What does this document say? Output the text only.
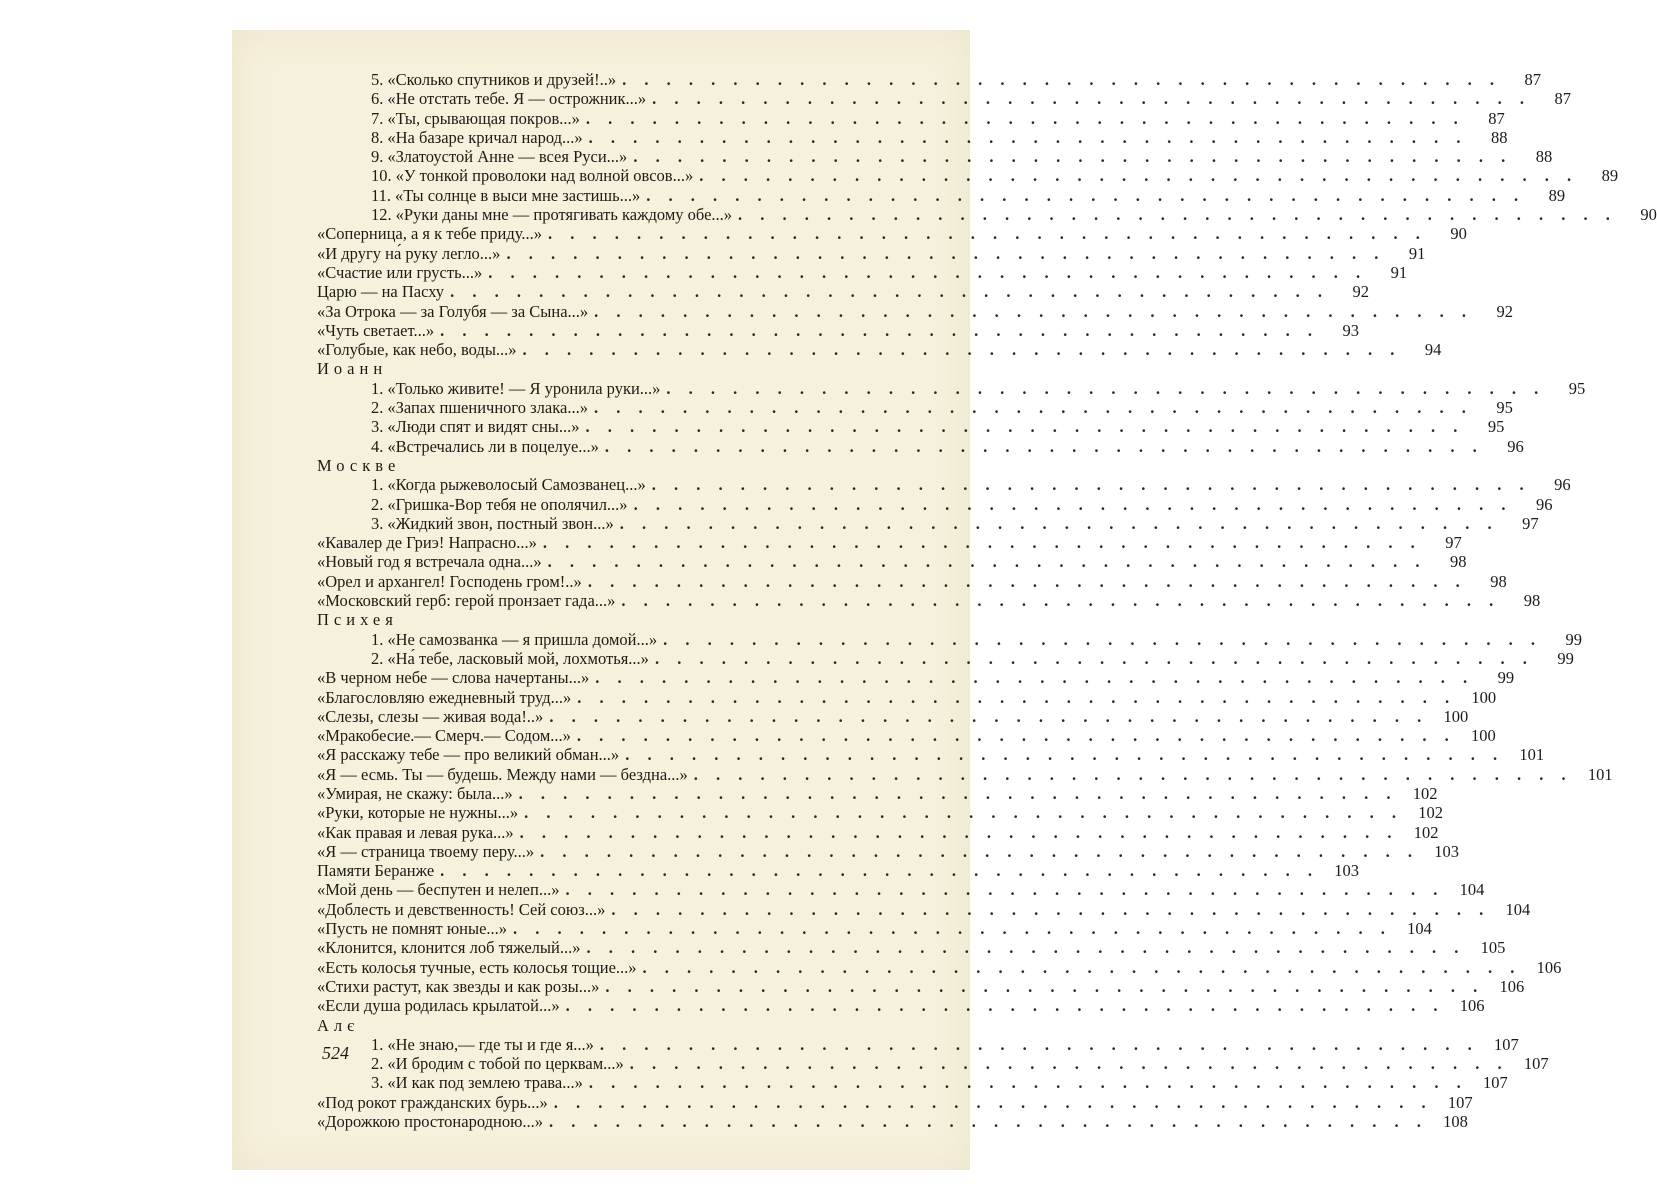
5. «Сколько спутников и друзей!..» . . . . . . . . . . . . . . . . . . . . . . . . . . . . . . . . . . . . . . . .	87
6. «Не отстать тебе. Я — острожник...» . . . . . . . . . . . . . . . . . . . . . . . . . . . . . . . . . . . . . . . .	87
7. «Ты, срывающая покров...» . . . . . . . . . . . . . . . . . . . . . . . . . . . . . . . . . . . . . . . .	87
8. «На базаре кричал народ...» . . . . . . . . . . . . . . . . . . . . . . . . . . . . . . . . . . . . . . . .	88
9. «Златоустой Анне — всея Руси...» . . . . . . . . . . . . . . . . . . . . . . . . . . . . . . . . . . . . . . . .	88
10. «У тонкой проволоки над волной овсов...» . . . . . . . . . . . . . . . . . . . . . . . . . . . . . . . . . . . . . . . .	89
11. «Ты солнце в выси мне застишь...» . . . . . . . . . . . . . . . . . . . . . . . . . . . . . . . . . . . . . . . .	89
12. «Руки даны мне — протягивать каждому обе...» . . . . . . . . . . . . . . . . . . . . . . . . . . . . . . . . . . . . . . . .	90
«Соперница, а я к тебе приду...» . . . . . . . . . . . . . . . . . . . . . . . . . . . . . . . . . . . . . . . .	90
«И другу на́ руку легло...» . . . . . . . . . . . . . . . . . . . . . . . . . . . . . . . . . . . . . . . .	91
«Счастие или грусть...» . . . . . . . . . . . . . . . . . . . . . . . . . . . . . . . . . . . . . . . .	91
Царю — на Пасху . . . . . . . . . . . . . . . . . . . . . . . . . . . . . . . . . . . . . . . .	92
«За Отрока — за Голубя — за Сына...» . . . . . . . . . . . . . . . . . . . . . . . . . . . . . . . . . . . . . . . .	92
«Чуть светает...» . . . . . . . . . . . . . . . . . . . . . . . . . . . . . . . . . . . . . . . .	93
«Голубые, как небо, воды...» . . . . . . . . . . . . . . . . . . . . . . . . . . . . . . . . . . . . . . . .	94
Иоанн
1. «Только живите! — Я уронила руки...» . . . . . . . . . . . . . . . . . . . . . . . . . . . . . . . . . . . . . . . .	95
2. «Запах пшеничного злака...» . . . . . . . . . . . . . . . . . . . . . . . . . . . . . . . . . . . . . . . .	95
3. «Люди спят и видят сны...» . . . . . . . . . . . . . . . . . . . . . . . . . . . . . . . . . . . . . . . .	95
4. «Встречались ли в поцелуе...» . . . . . . . . . . . . . . . . . . . . . . . . . . . . . . . . . . . . . . . .	96
Москве
1. «Когда рыжеволосый Самозванец...» . . . . . . . . . . . . . . . . . . . . . . . . . . . . . . . . . . . . . . . .	96
2. «Гришка-Вор тебя не ополячил...» . . . . . . . . . . . . . . . . . . . . . . . . . . . . . . . . . . . . . . . .	96
3. «Жидкий звон, постный звон...» . . . . . . . . . . . . . . . . . . . . . . . . . . . . . . . . . . . . . . . .	97
«Кавалер де Гриэ! Напрасно...» . . . . . . . . . . . . . . . . . . . . . . . . . . . . . . . . . . . . . . . .	97
«Новый год я встречала одна...» . . . . . . . . . . . . . . . . . . . . . . . . . . . . . . . . . . . . . . . .	98
«Орел и архангел! Господень гром!..» . . . . . . . . . . . . . . . . . . . . . . . . . . . . . . . . . . . . . . . .	98
«Московский герб: герой пронзает гада...» . . . . . . . . . . . . . . . . . . . . . . . . . . . . . . . . . . . . . . . .	98
Психея
1. «Не самозванка — я пришла домой...» . . . . . . . . . . . . . . . . . . . . . . . . . . . . . . . . . . . . . . . .	99
2. «На́ тебе, ласковый мой, лохмотья...» . . . . . . . . . . . . . . . . . . . . . . . . . . . . . . . . . . . . . . . .	99
«В черном небе — слова начертаны...» . . . . . . . . . . . . . . . . . . . . . . . . . . . . . . . . . . . . . . . .	99
«Благословляю ежедневный труд...» . . . . . . . . . . . . . . . . . . . . . . . . . . . . . . . . . . . . . . . . 100
«Слезы, слезы — живая вода!..» . . . . . . . . . . . . . . . . . . . . . . . . . . . . . . . . . . . . . . . . 100
«Мракобесие.— Смерч.— Содом...» . . . . . . . . . . . . . . . . . . . . . . . . . . . . . . . . . . . . . . . . 100
«Я расскажу тебе — про великий обман...» . . . . . . . . . . . . . . . . . . . . . . . . . . . . . . . . . . . . . . . . 101
«Я — есмь. Ты — будешь. Между нами — бездна...» . . . . . . . . . . . . . . . . . . . . . . . . . . . . . . . . . . . . . . . . 101
«Умирая, не скажу: была...» . . . . . . . . . . . . . . . . . . . . . . . . . . . . . . . . . . . . . . . . 102
«Руки, которые не нужны...» . . . . . . . . . . . . . . . . . . . . . . . . . . . . . . . . . . . . . . . . 102
«Как правая и левая рука...» . . . . . . . . . . . . . . . . . . . . . . . . . . . . . . . . . . . . . . . . 102
«Я — страница твоему перу...» . . . . . . . . . . . . . . . . . . . . . . . . . . . . . . . . . . . . . . . . 103
Памяти Беранже . . . . . . . . . . . . . . . . . . . . . . . . . . . . . . . . . . . . . . . . 103
«Мой день — беспутен и нелеп...» . . . . . . . . . . . . . . . . . . . . . . . . . . . . . . . . . . . . . . . . 104
«Доблесть и девственность! Сей союз...» . . . . . . . . . . . . . . . . . . . . . . . . . . . . . . . . . . . . . . . . 104
«Пусть не помнят юные...» . . . . . . . . . . . . . . . . . . . . . . . . . . . . . . . . . . . . . . . . 104
«Клонится, клонится лоб тяжелый...» . . . . . . . . . . . . . . . . . . . . . . . . . . . . . . . . . . . . . . . . 105
«Есть колосья тучные, есть колосья тощие...» . . . . . . . . . . . . . . . . . . . . . . . . . . . . . . . . . . . . . . . . 106
«Стихи растут, как звезды и как розы...» . . . . . . . . . . . . . . . . . . . . . . . . . . . . . . . . . . . . . . . . 106
«Если душа родилась крылатой...» . . . . . . . . . . . . . . . . . . . . . . . . . . . . . . . . . . . . . . . . 106
Алє
1. «Не знаю,— где ты и где я...» . . . . . . . . . . . . . . . . . . . . . . . . . . . . . . . . . . . . . . . . 107
2. «И бродим с тобой по церквам...» . . . . . . . . . . . . . . . . . . . . . . . . . . . . . . . . . . . . . . . . 107
3. «И как под землею трава...» . . . . . . . . . . . . . . . . . . . . . . . . . . . . . . . . . . . . . . . . 107
«Под рокот гражданских бурь...» . . . . . . . . . . . . . . . . . . . . . . . . . . . . . . . . . . . . . . . . 107
«Дорожкою простонародною...» . . . . . . . . . . . . . . . . . . . . . . . . . . . . . . . . . . . . . . . . 108
524
